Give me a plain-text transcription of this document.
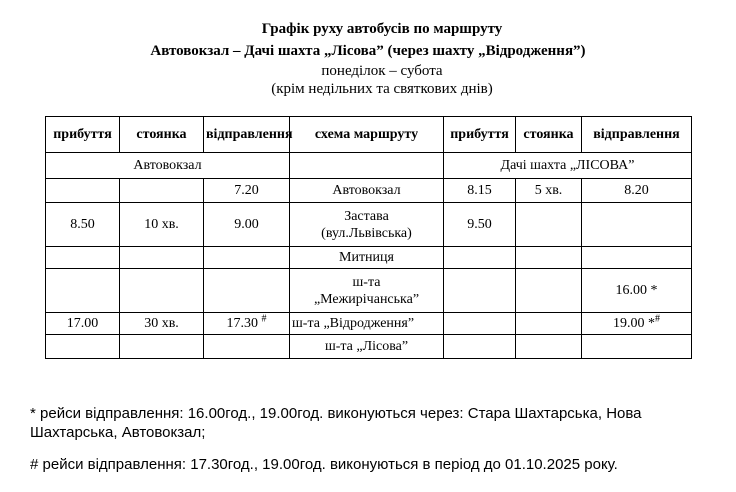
Графік руху автобусів по маршруту
Автовокзал – Дачі шахта „Лісова” (через шахту „Відродження”)
понеділок – субота
(крім недільних та святкових днів)
прибуття	стоянка	відправлення	схема маршруту	прибуття	стоянка	відправлення
Автовокзал				Дачі шахта „ЛІСОВА”		
		7.20	Автовокзал	8.15	5 хв.	8.20
8.50	10 хв.	9.00	Застава (вул.Львівська)	9.50		
			Митниця			
			ш-та „Межирічанська”			16.00 *
17.00	30 хв.	17.30 #	ш-та „Відродження”			19.00 *#
			ш-та „Лісова”			
* рейси відправлення: 16.00год., 19.00год. виконуються через: Стара Шахтарська, Нова Шахтарська, Автовокзал;
# рейси відправлення: 17.30год., 19.00год. виконуються в період до 01.10.2025 року.
